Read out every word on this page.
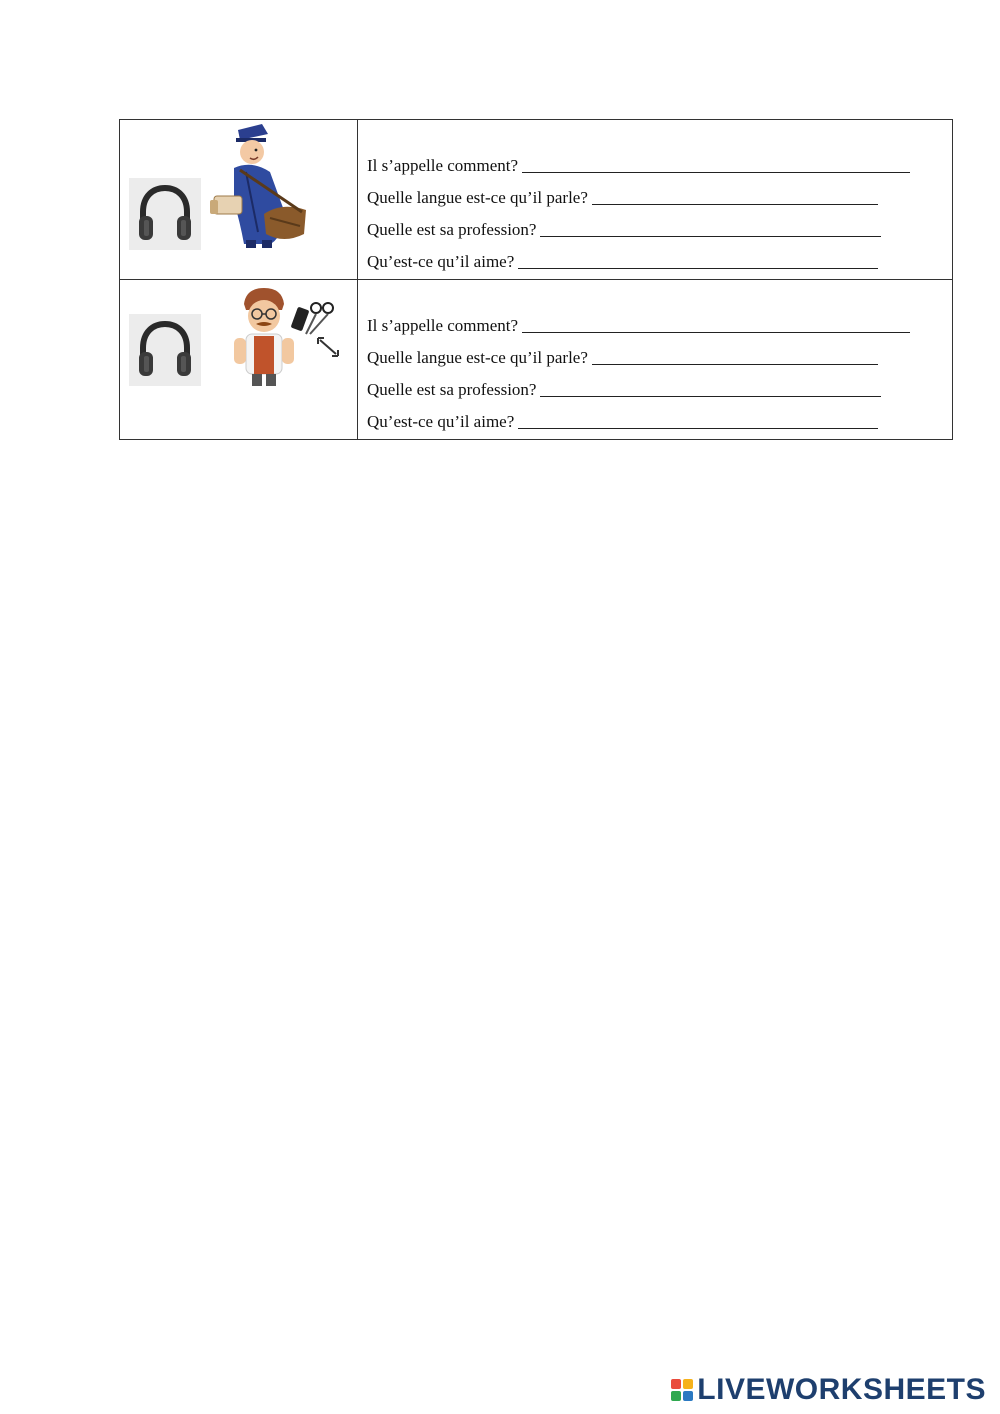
Il s’appelle comment?
Quelle langue est-ce qu’il parle?
Quelle est sa profession?
Qu’est-ce qu’il aime?

Il s’appelle comment?
Quelle langue est-ce qu’il parle?
Quelle est sa profession?
Qu’est-ce qu’il aime?
LIVEWORKSHEETS
